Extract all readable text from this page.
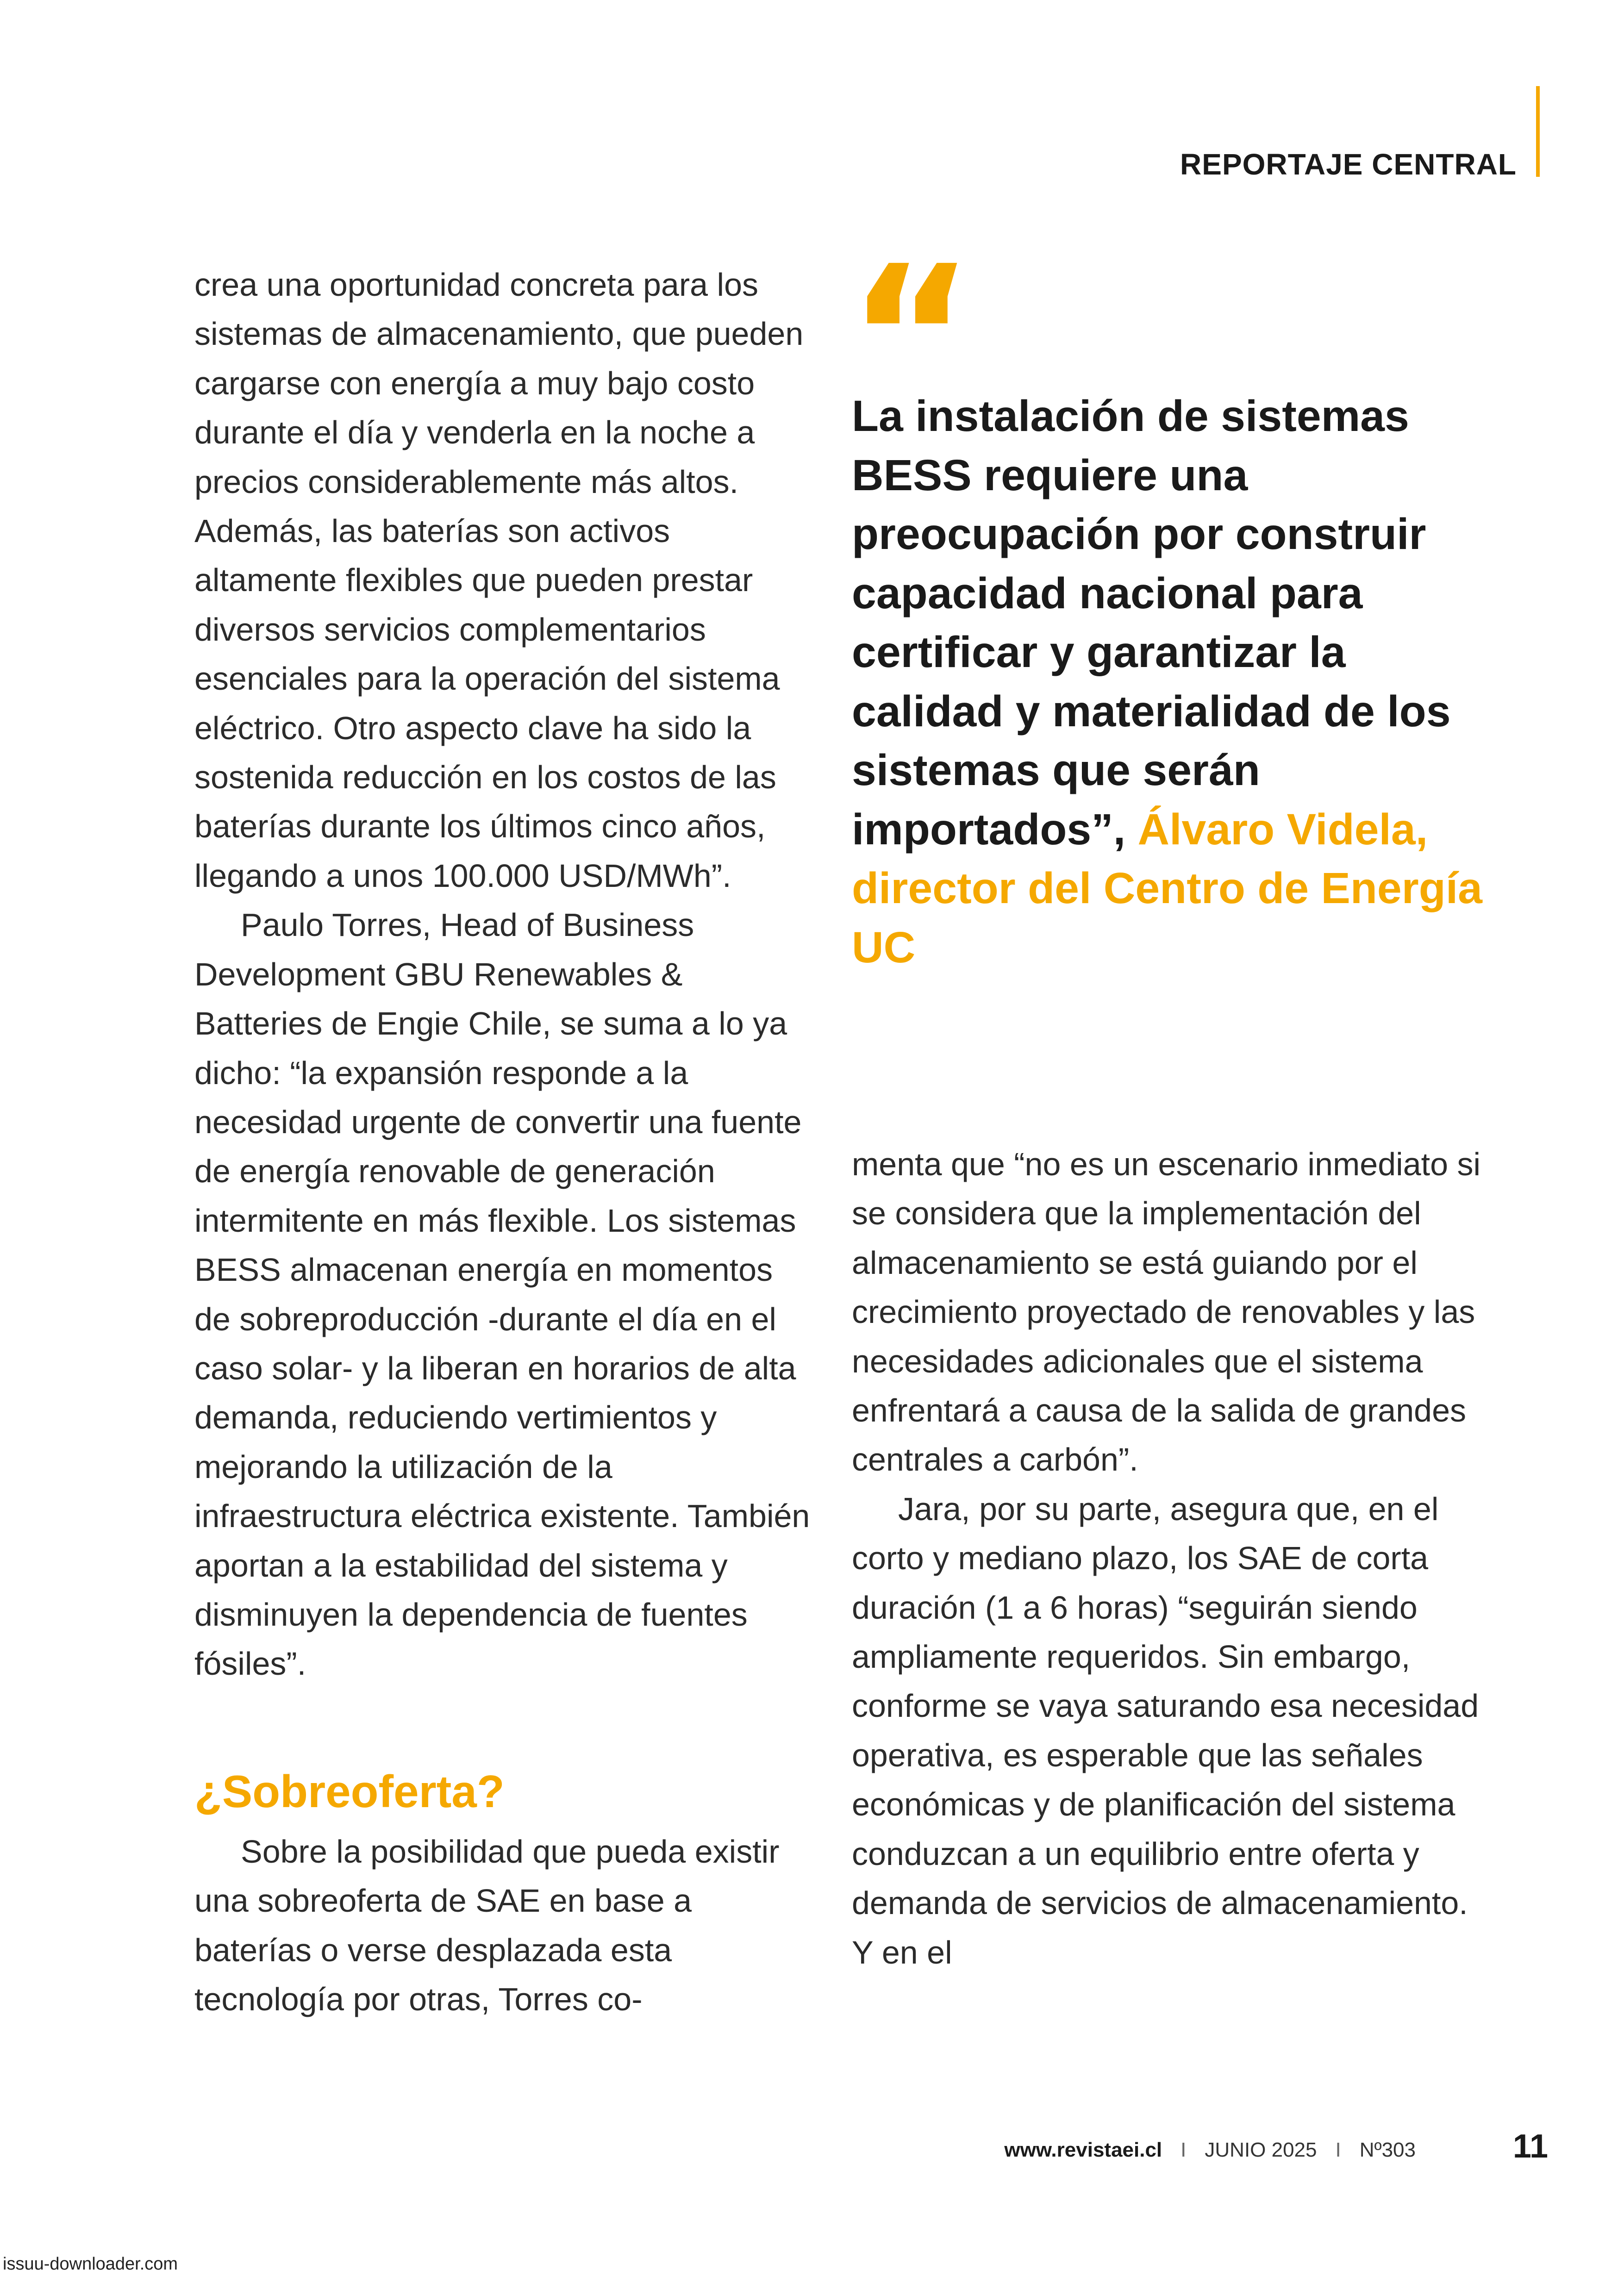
REPORTAJE CENTRAL

crea una oportunidad concreta para los sistemas de almacenamiento, que pueden cargarse con energía a muy bajo costo durante el día y venderla en la noche a precios considerablemente más altos. Además, las baterías son activos altamente flexibles que pueden prestar diversos servicios complementarios esenciales para la operación del sistema eléctrico. Otro aspecto clave ha sido la sostenida reducción en los costos de las baterías durante los últimos cinco años, llegando a unos 100.000 USD/MWh”.

Paulo Torres, Head of Business Development GBU Renewables & Batteries de Engie Chile, se suma a lo ya dicho: “la expansión responde a la necesidad urgente de convertir una fuente de energía renovable de generación intermitente en más flexible. Los sistemas BESS almacenan energía en momentos de sobreproducción -durante el día en el caso solar- y la liberan en horarios de alta demanda, reduciendo vertimientos y mejorando la utilización de la infraestructura eléctrica existente. También aportan a la estabilidad del sistema y disminuyen la dependencia de fuentes fósiles”.

¿Sobreoferta?

Sobre la posibilidad que pueda existir una sobreoferta de SAE en base a baterías o verse desplazada esta tecnología por otras, Torres co-

“
La instalación de sistemas BESS requiere una preocupación por construir capacidad nacional para certificar y garantizar la calidad y materialidad de los sistemas que serán importados”, Álvaro Videla, director del Centro de Energía UC

menta que “no es un escenario inmediato si se considera que la implementación del almacenamiento se está guiando por el crecimiento proyectado de renovables y las necesidades adicionales que el sistema enfrentará a causa de la salida de grandes centrales a carbón”.

Jara, por su parte, asegura que, en el corto y mediano plazo, los SAE de corta duración (1 a 6 horas) “seguirán siendo ampliamente requeridos. Sin embargo, conforme se vaya saturando esa necesidad operativa, es esperable que las señales económicas y de planificación del sistema conduzcan a un equilibrio entre oferta y demanda de servicios de almacenamiento. Y en el

www.revistaei.cl I JUNIO 2025 I Nº303	11
issuu-downloader.com
